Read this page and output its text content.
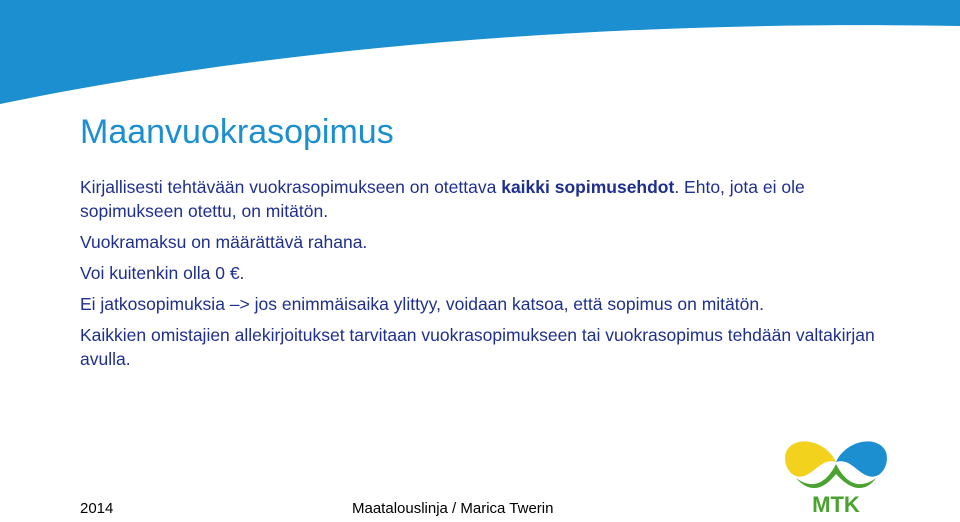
Maanvuokrasopimus

Kirjallisesti tehtävään vuokrasopimukseen on otettava kaikki sopimusehdot. Ehto, jota ei ole sopimukseen otettu, on mitätön.

Vuokramaksu on määrättävä rahana.

Voi kuitenkin olla 0 €.

Ei jatkosopimuksia –> jos enimmäisaika ylittyy, voidaan katsoa, että sopimus on mitätön.

Kaikkien omistajien allekirjoitukset tarvitaan vuokrasopimukseen tai vuokrasopimus tehdään valtakirjan avulla.

2014	Maatalouslinja / Marica Twerin	MTK
